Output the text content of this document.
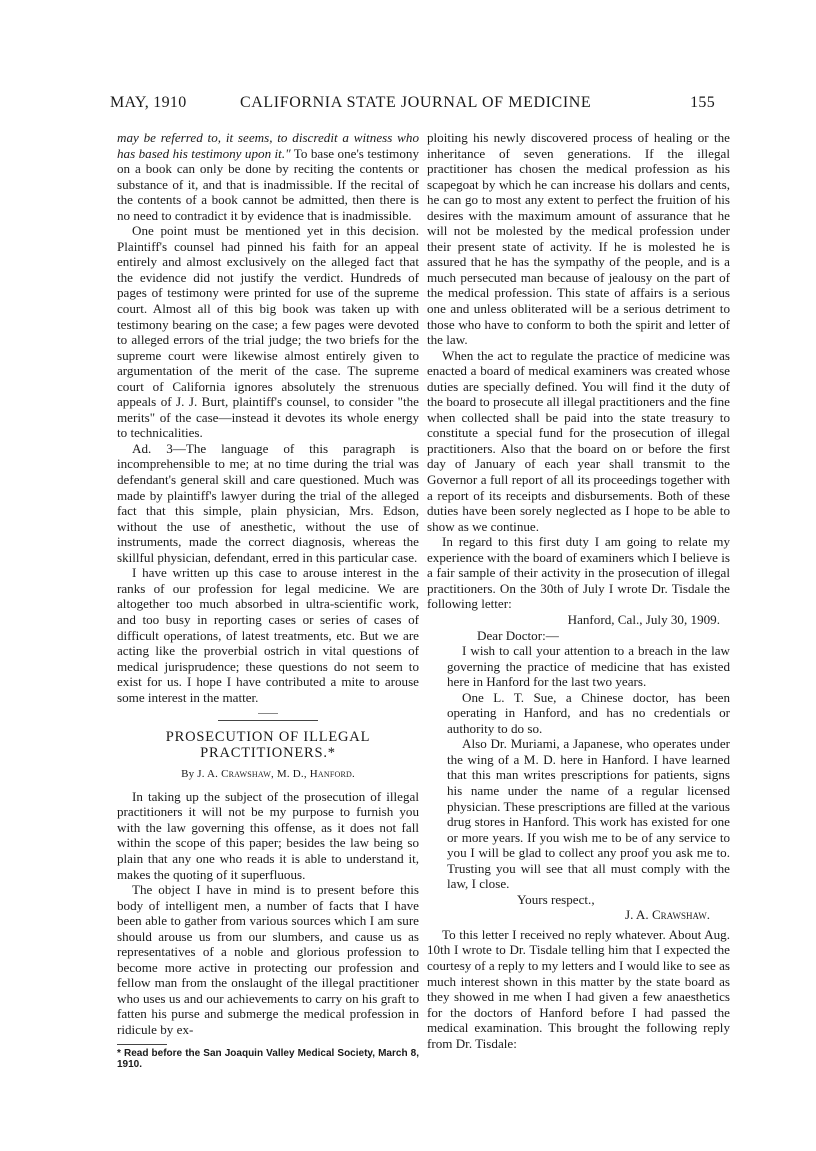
MAY, 1910	CALIFORNIA STATE JOURNAL OF MEDICINE	155

may be referred to, it seems, to discredit a witness who has based his testimony upon it." To base one's testimony on a book can only be done by reciting the contents or substance of it, and that is inadmissible. If the recital of the contents of a book cannot be admitted, then there is no need to contradict it by evidence that is inadmissible.

One point must be mentioned yet in this decision. Plaintiff's counsel had pinned his faith for an appeal entirely and almost exclusively on the alleged fact that the evidence did not justify the verdict. Hundreds of pages of testimony were printed for use of the supreme court. Almost all of this big book was taken up with testimony bearing on the case; a few pages were devoted to alleged errors of the trial judge; the two briefs for the supreme court were likewise almost entirely given to argumentation of the merit of the case. The supreme court of California ignores absolutely the strenuous appeals of J. J. Burt, plaintiff's counsel, to consider "the merits" of the case—instead it devotes its whole energy to technicalities.

Ad. 3—The language of this paragraph is incomprehensible to me; at no time during the trial was defendant's general skill and care questioned. Much was made by plaintiff's lawyer during the trial of the alleged fact that this simple, plain physician, Mrs. Edson, without the use of anesthetic, without the use of instruments, made the correct diagnosis, whereas the skillful physician, defendant, erred in this particular case.

I have written up this case to arouse interest in the ranks of our profession for legal medicine. We are altogether too much absorbed in ultra-scientific work, and too busy in reporting cases or series of cases of difficult operations, of latest treatments, etc. But we are acting like the proverbial ostrich in vital questions of medical jurisprudence; these questions do not seem to exist for us. I hope I have contributed a mite to arouse some interest in the matter.

PROSECUTION OF ILLEGAL PRACTITIONERS.*

By J. A. Crawshaw, M. D., Hanford.

In taking up the subject of the prosecution of illegal practitioners it will not be my purpose to furnish you with the law governing this offense, as it does not fall within the scope of this paper; besides the law being so plain that any one who reads it is able to understand it, makes the quoting of it superfluous.

The object I have in mind is to present before this body of intelligent men, a number of facts that I have been able to gather from various sources which I am sure should arouse us from our slumbers, and cause us as representatives of a noble and glorious profession to become more active in protecting our profession and fellow man from the onslaught of the illegal practitioner who uses us and our achievements to carry on his graft to fatten his purse and submerge the medical profession in ridicule by ex-

* Read before the San Joaquin Valley Medical Society, March 8, 1910.

ploiting his newly discovered process of healing or the inheritance of seven generations. If the illegal practitioner has chosen the medical profession as his scapegoat by which he can increase his dollars and cents, he can go to most any extent to perfect the fruition of his desires with the maximum amount of assurance that he will not be molested by the medical profession under their present state of activity. If he is molested he is assured that he has the sympathy of the people, and is a much persecuted man because of jealousy on the part of the medical profession. This state of affairs is a serious one and unless obliterated will be a serious detriment to those who have to conform to both the spirit and letter of the law.

When the act to regulate the practice of medicine was enacted a board of medical examiners was created whose duties are specially defined. You will find it the duty of the board to prosecute all illegal practitioners and the fine when collected shall be paid into the state treasury to constitute a special fund for the prosecution of illegal practitioners. Also that the board on or before the first day of January of each year shall transmit to the Governor a full report of all its proceedings together with a report of its receipts and disbursements. Both of these duties have been sorely neglected as I hope to be able to show as we continue.

In regard to this first duty I am going to relate my experience with the board of examiners which I believe is a fair sample of their activity in the prosecution of illegal practitioners. On the 30th of July I wrote Dr. Tisdale the following letter:

Hanford, Cal., July 30, 1909.

Dear Doctor:—

I wish to call your attention to a breach in the law governing the practice of medicine that has existed here in Hanford for the last two years.

One L. T. Sue, a Chinese doctor, has been operating in Hanford, and has no credentials or authority to do so.

Also Dr. Muriami, a Japanese, who operates under the wing of a M. D. here in Hanford. I have learned that this man writes prescriptions for patients, signs his name under the name of a regular licensed physician. These prescriptions are filled at the various drug stores in Hanford. This work has existed for one or more years. If you wish me to be of any service to you I will be glad to collect any proof you ask me to. Trusting you will see that all must comply with the law, I close.

Yours respect.,

J. A. Crawshaw.

To this letter I received no reply whatever. About Aug. 10th I wrote to Dr. Tisdale telling him that I expected the courtesy of a reply to my letters and I would like to see as much interest shown in this matter by the state board as they showed in me when I had given a few anaesthetics for the doctors of Hanford before I had passed the medical examination. This brought the following reply from Dr. Tisdale:
